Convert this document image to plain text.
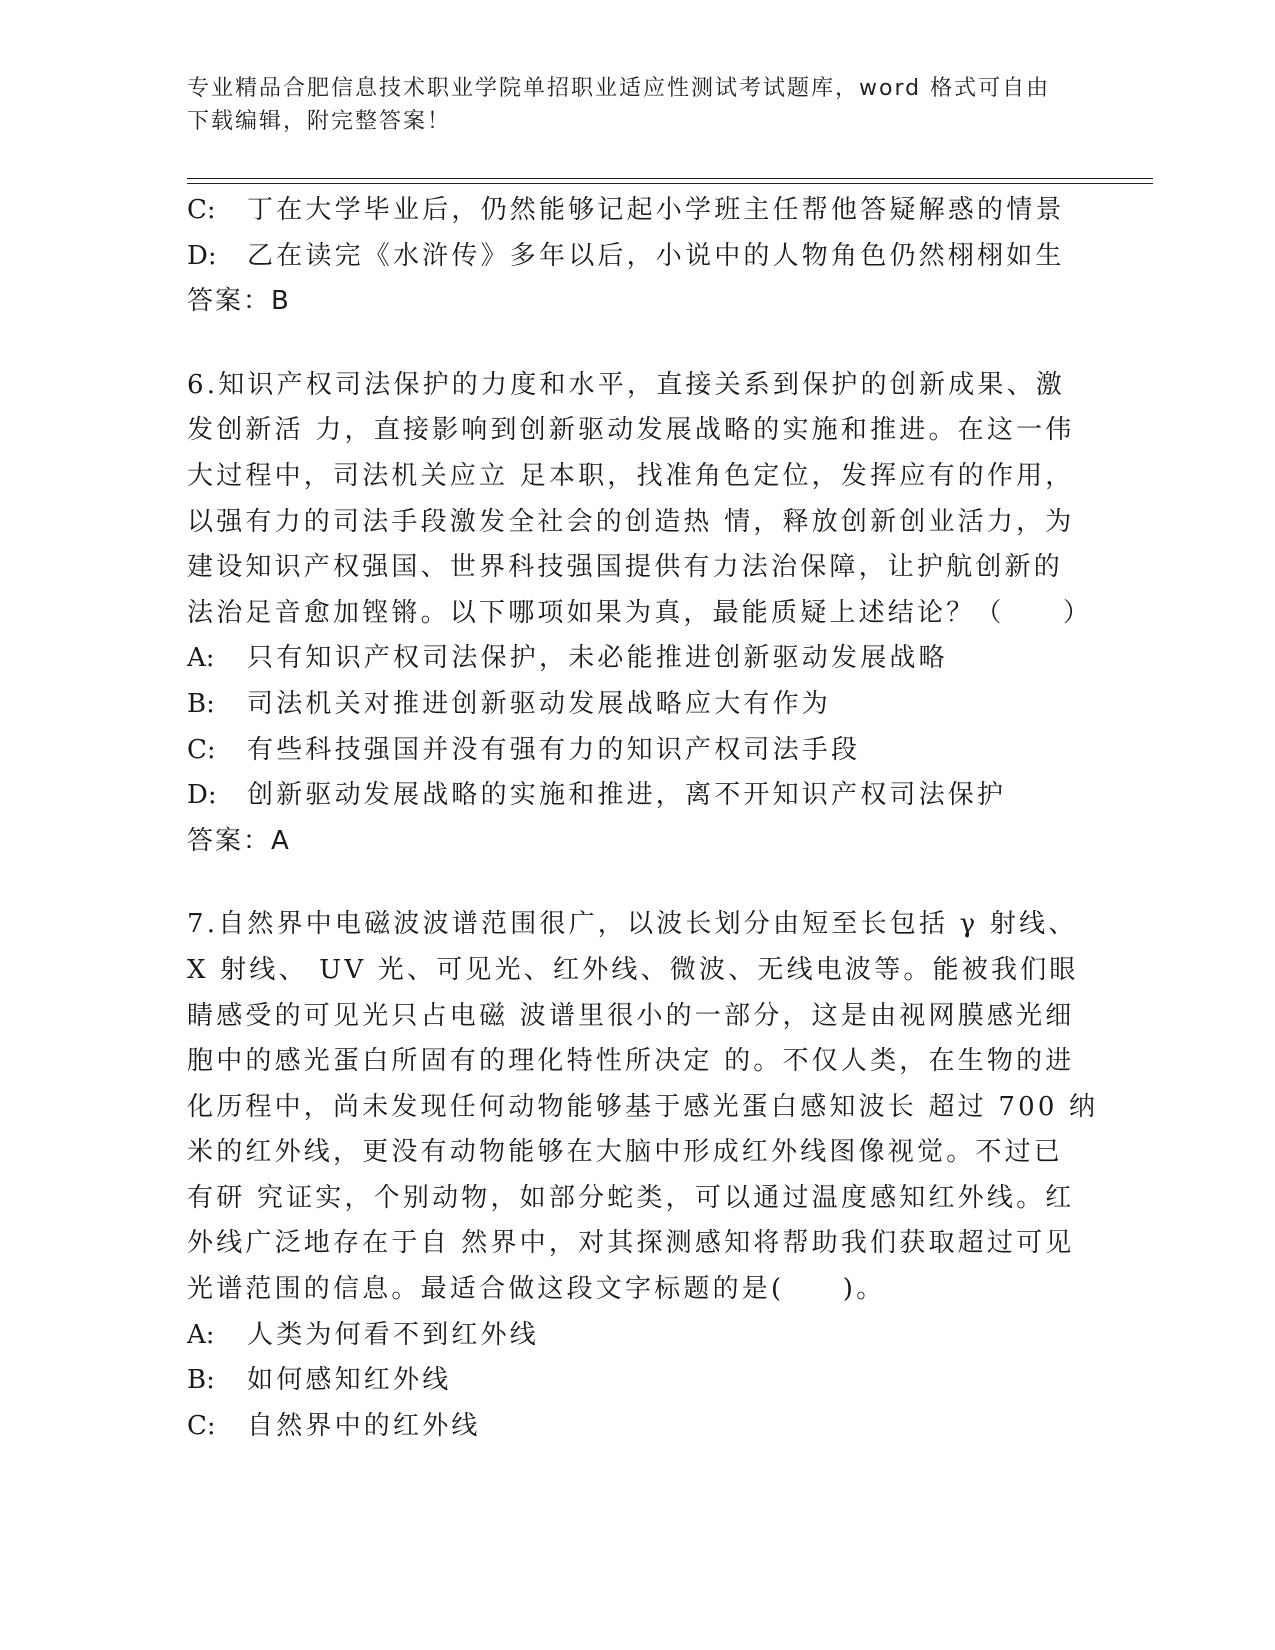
专业精品合肥信息技术职业学院单招职业适应性测试考试题库，word 格式可自由
下载编辑，附完整答案！
C: 丁在大学毕业后，仍然能够记起小学班主任帮他答疑解惑的情景
D: 乙在读完《水浒传》多年以后，小说中的人物角色仍然栩栩如生
答案：B
6.知识产权司法保护的力度和水平，直接关系到保护的创新成果、激
发创新活 力，直接影响到创新驱动发展战略的实施和推进。在这一伟
大过程中，司法机关应立 足本职，找准角色定位，发挥应有的作用，
以强有力的司法手段激发全社会的创造热 情，释放创新创业活力，为
建设知识产权强国、世界科技强国提供有力法治保障，让护航创新的
法治足音愈加铿锵。以下哪项如果为真，最能质疑上述结论？（　　）
A: 只有知识产权司法保护，未必能推进创新驱动发展战略
B: 司法机关对推进创新驱动发展战略应大有作为
C: 有些科技强国并没有强有力的知识产权司法手段
D: 创新驱动发展战略的实施和推进，离不开知识产权司法保护
答案：A
7.自然界中电磁波波谱范围很广，以波长划分由短至长包括 γ 射线、
X 射线、 UV 光、可见光、红外线、微波、无线电波等。能被我们眼
睛感受的可见光只占电磁 波谱里很小的一部分，这是由视网膜感光细
胞中的感光蛋白所固有的理化特性所决定 的。不仅人类，在生物的进
化历程中，尚未发现任何动物能够基于感光蛋白感知波长 超过 700 纳
米的红外线，更没有动物能够在大脑中形成红外线图像视觉。不过已
有研 究证实，个别动物，如部分蛇类，可以通过温度感知红外线。红
外线广泛地存在于自 然界中，对其探测感知将帮助我们获取超过可见
光谱范围的信息。最适合做这段文字标题的是(　　)。
A: 人类为何看不到红外线
B: 如何感知红外线
C: 自然界中的红外线
